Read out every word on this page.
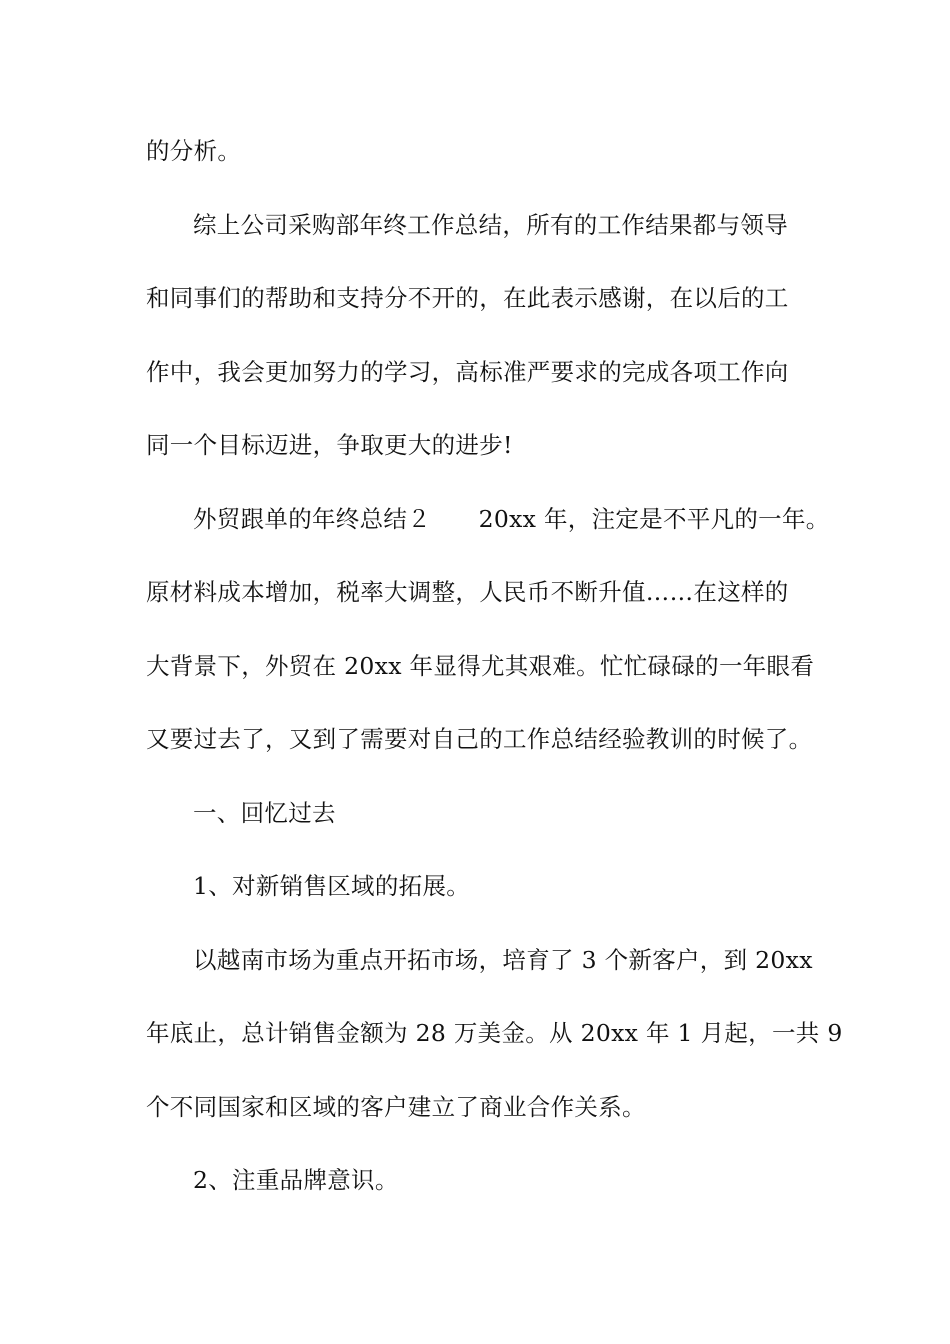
的分析。
综上公司采购部年终工作总结，所有的工作结果都与领导
和同事们的帮助和支持分不开的，在此表示感谢，在以后的工
作中，我会更加努力的学习，高标准严要求的完成各项工作向
同一个目标迈进，争取更大的进步!
外贸跟单的年终总结２　　20xx 年，注定是不平凡的一年。
原材料成本增加，税率大调整，人民币不断升值……在这样的
大背景下，外贸在 20xx 年显得尤其艰难。忙忙碌碌的一年眼看
又要过去了，又到了需要对自己的工作总结经验教训的时候了。
一、回忆过去
1、对新销售区域的拓展。
以越南市场为重点开拓市场，培育了 3 个新客户，到 20xx
年底止，总计销售金额为 28 万美金。从 20xx 年 1 月起，一共 9
个不同国家和区域的客户建立了商业合作关系。
2、注重品牌意识。
